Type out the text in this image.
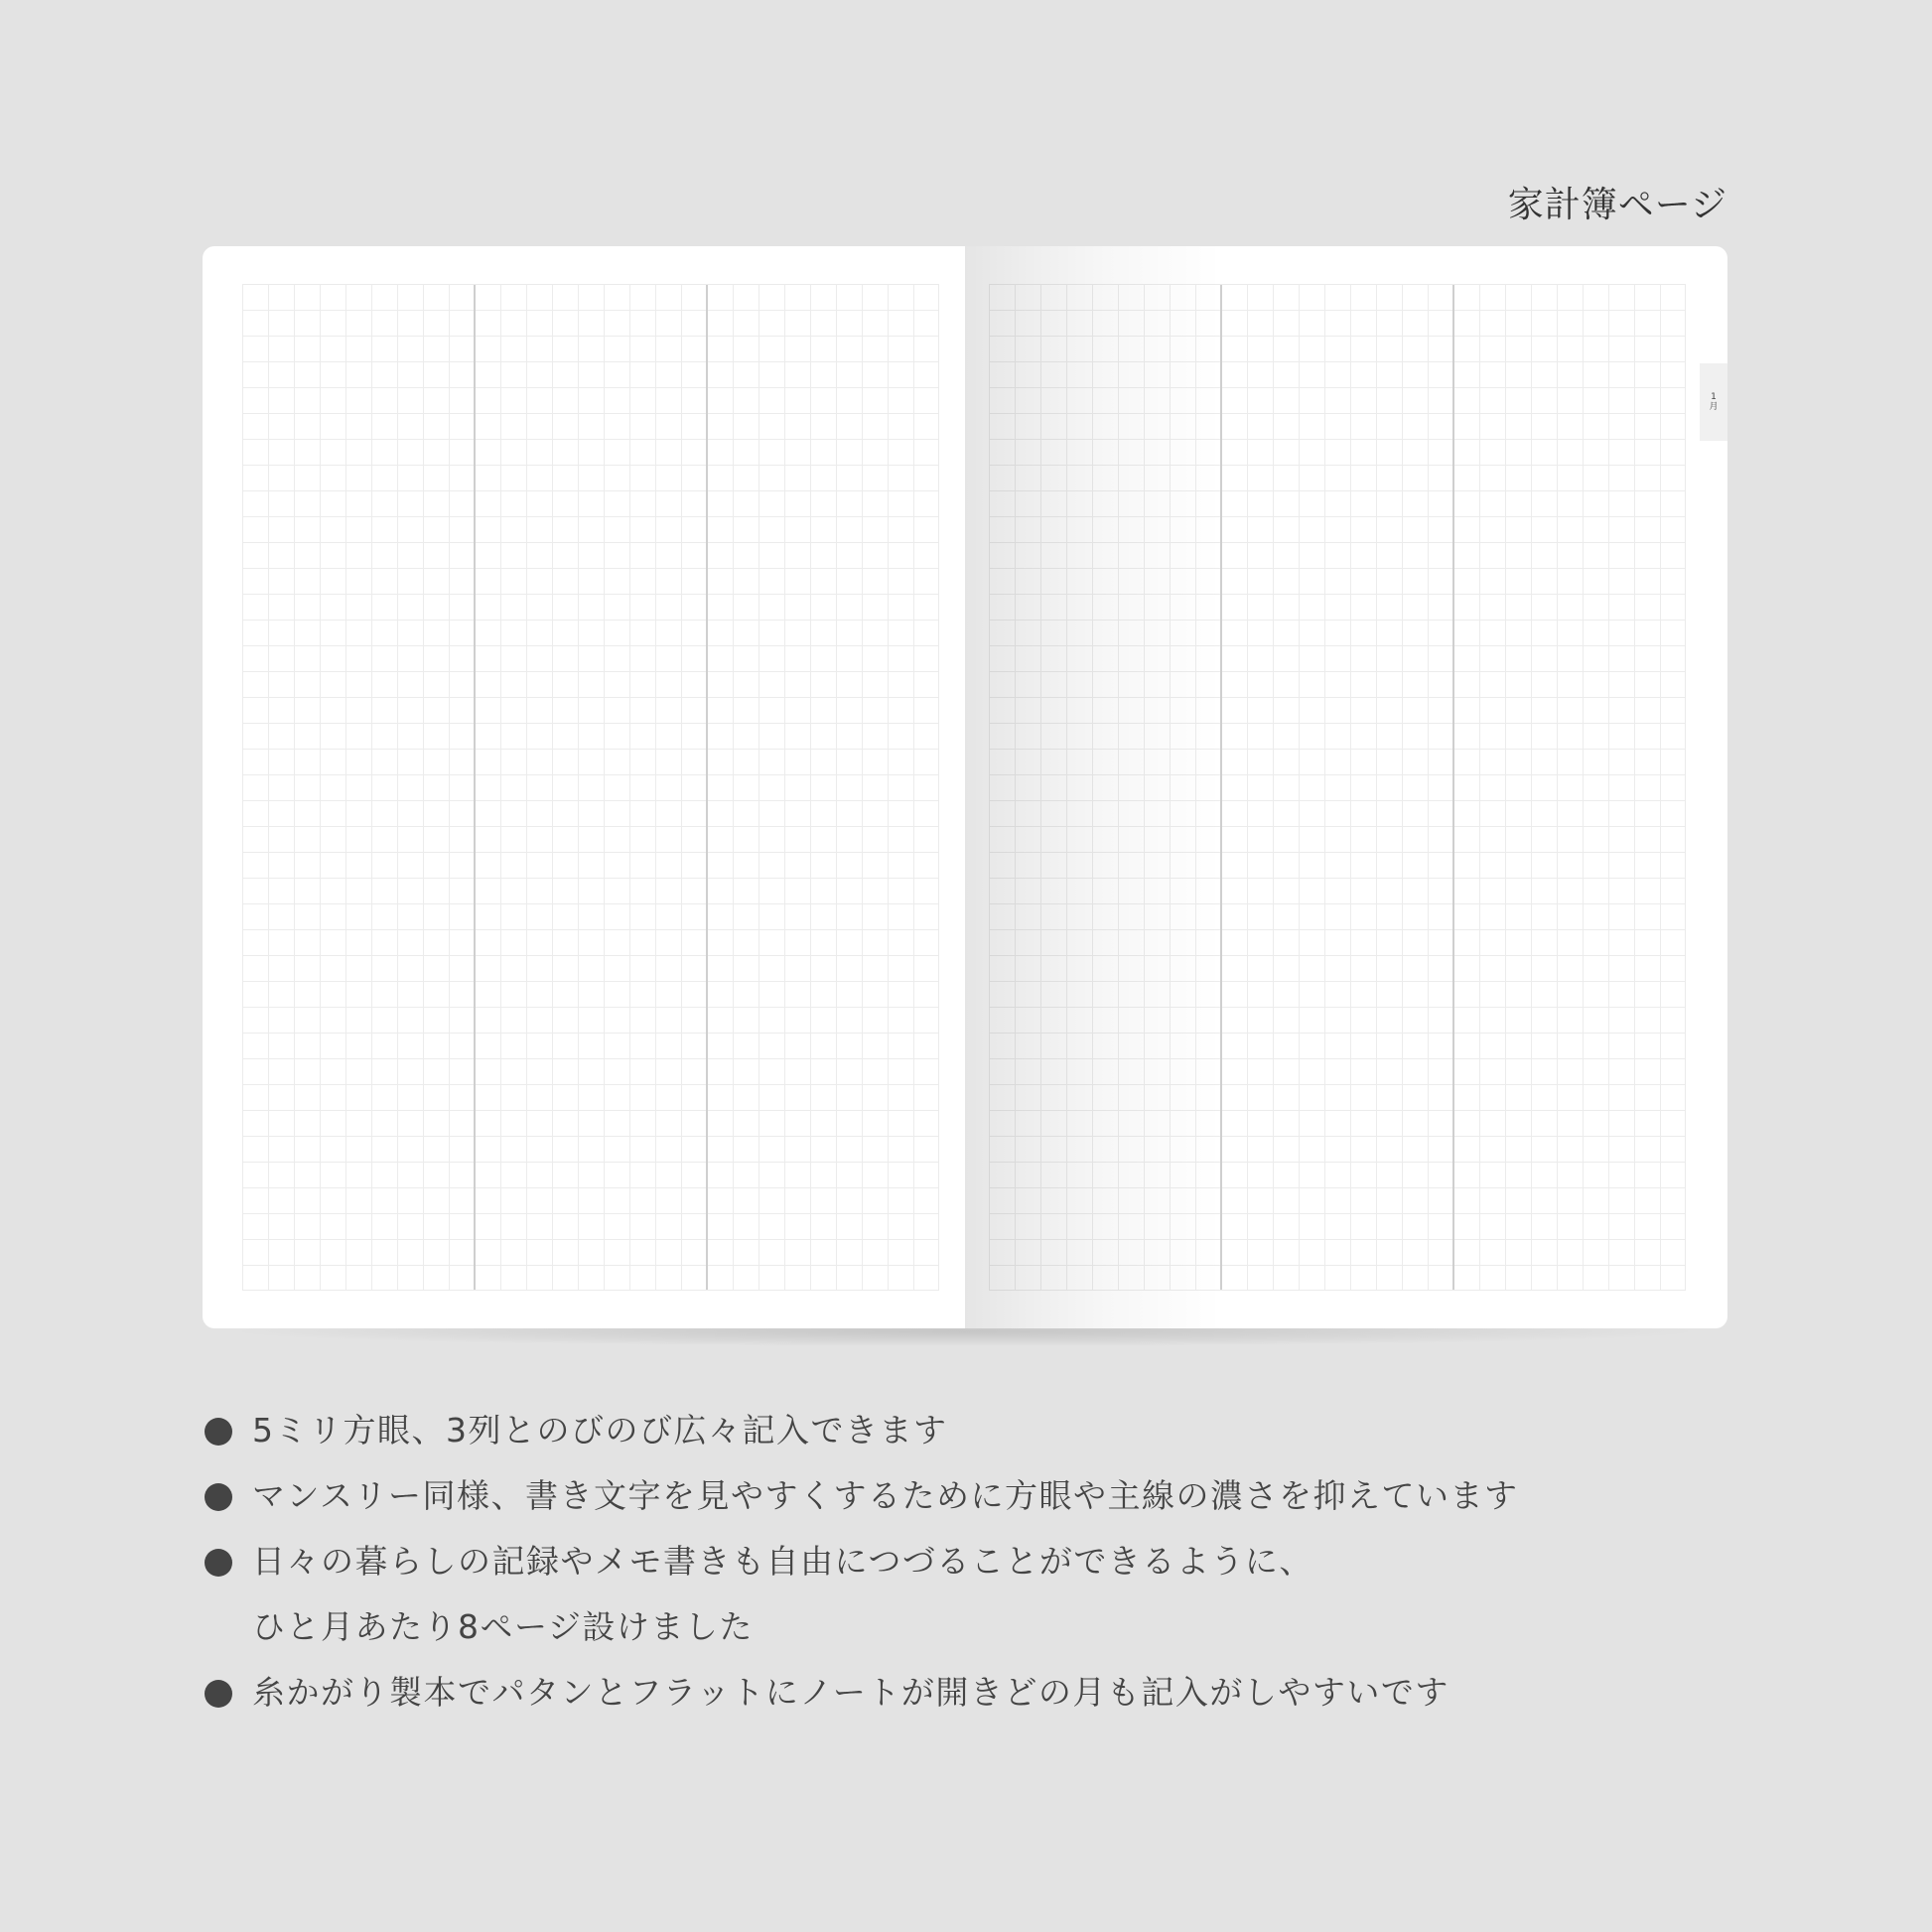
家計簿ページ
1
月
5ミリ方眼、3列とのびのび広々記入できます
マンスリー同様、書き文字を見やすくするために方眼や主線の濃さを抑えています
日々の暮らしの記録やメモ書きも自由につづることができるように、
ひと月あたり8ページ設けました
糸かがり製本でパタンとフラットにノートが開きどの月も記入がしやすいです
